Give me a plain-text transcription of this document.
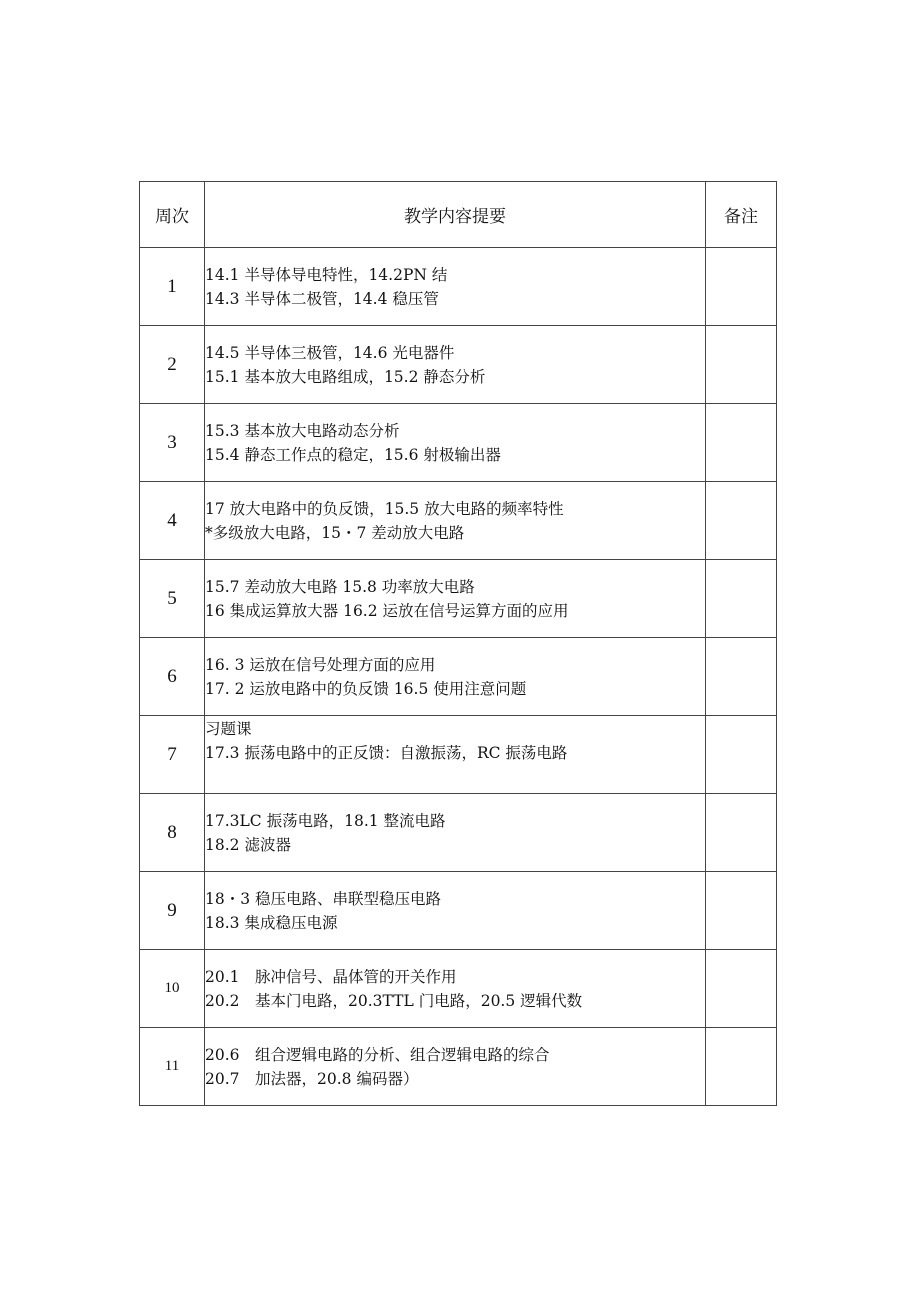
周次	教学内容提要	备注
1	14.1 半导体导电特性，14.2PN 结
14.3 半导体二极管，14.4 稳压管	

2	14.5 半导体三极管，14.6 光电器件
15.1 基本放大电路组成，15.2 静态分析	

3	15.3 基本放大电路动态分析
15.4 静态工作点的稳定，15.6 射极输出器	

4	17 放大电路中的负反馈，15.5 放大电路的频率特性
*多级放大电路，15・7 差动放大电路	

5	15.7 差动放大电路 15.8 功率放大电路
16 集成运算放大器 16.2 运放在信号运算方面的应用	

6	16. 3 运放在信号处理方面的应用
17. 2 运放电路中的负反馈 16.5 使用注意问题	

7	习题课
17.3 振荡电路中的正反馈：自激振荡，RC 振荡电路	

8	17.3LC 振荡电路，18.1 整流电路
18.2 滤波器	

9	18・3 稳压电路、串联型稳压电路
18.3 集成稳压电源	

10	20.1　脉冲信号、晶体管的开关作用
20.2　基本门电路，20.3TTL 门电路，20.5 逻辑代数	

11	20.6　组合逻辑电路的分析、组合逻辑电路的综合
20.7　加法器，20.8 编码器）	
